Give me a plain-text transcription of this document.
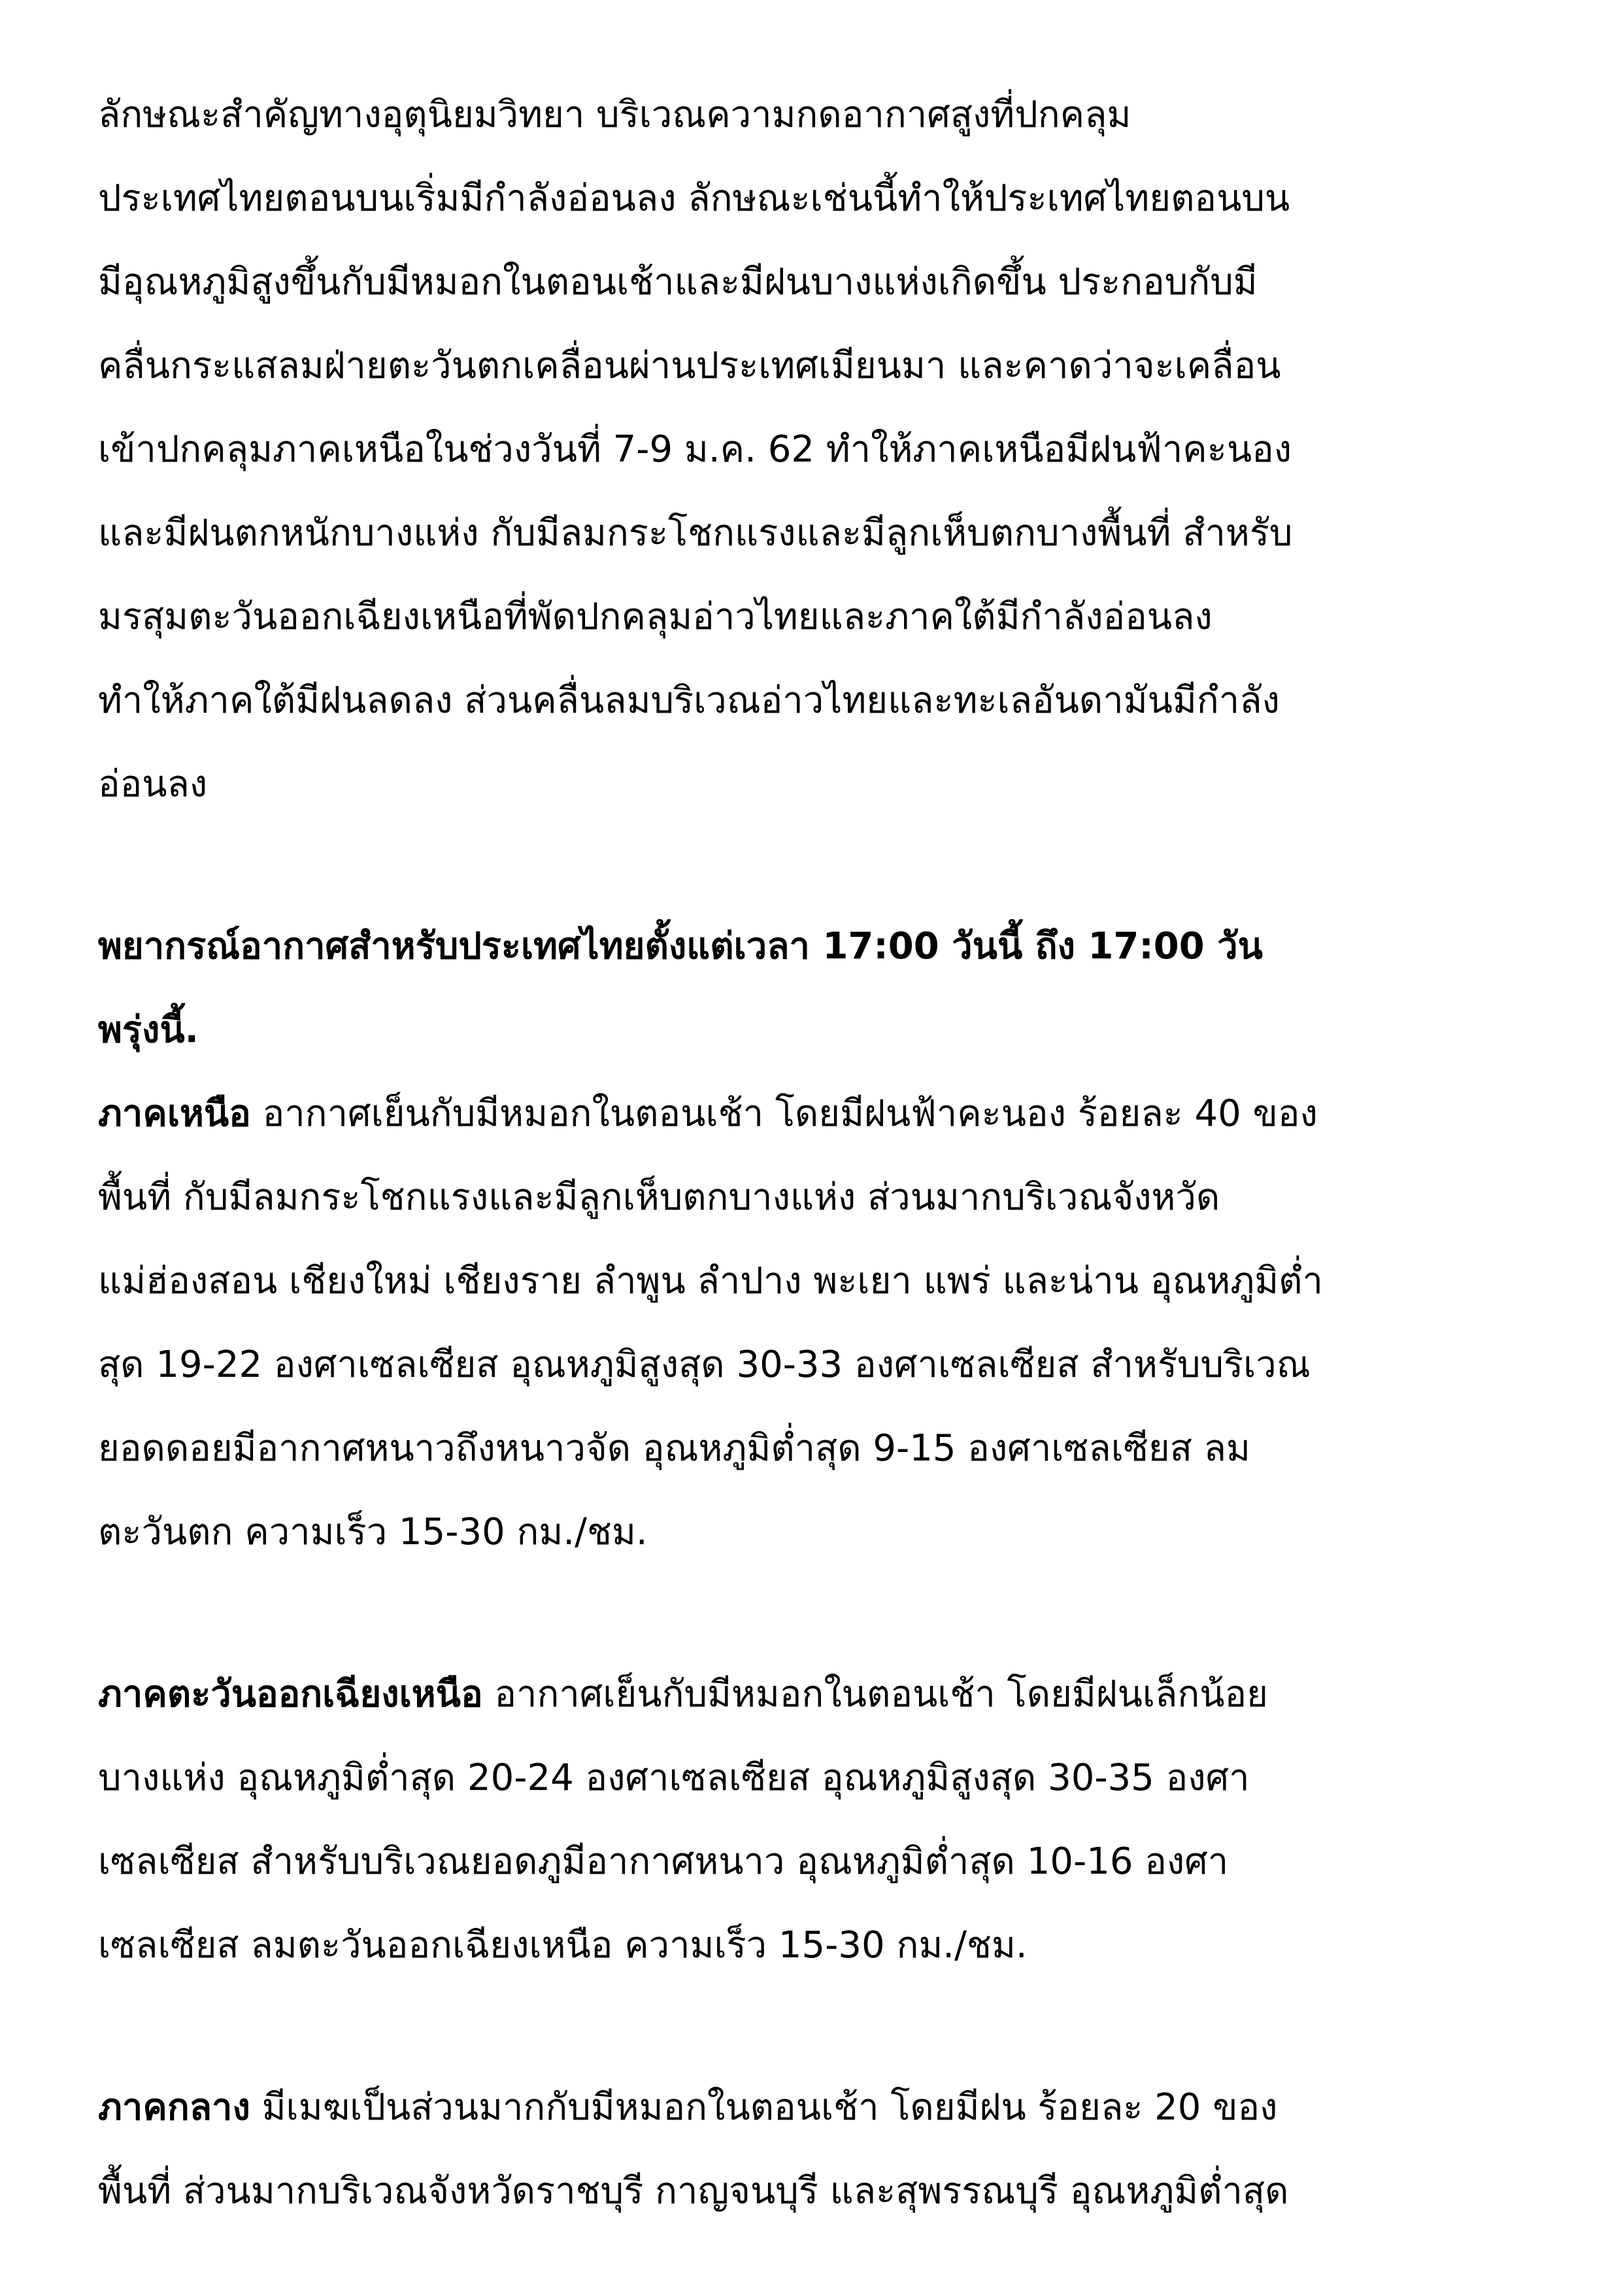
ลักษณะสำคัญทางอุตุนิยมวิทยา บริเวณความกดอากาศสูงที่ปกคลุม
ประเทศไทยตอนบนเริ่มมีกำลังอ่อนลง ลักษณะเช่นนี้ทำให้ประเทศไทยตอนบน
มีอุณหภูมิสูงขึ้นกับมีหมอกในตอนเช้าและมีฝนบางแห่งเกิดขึ้น ประกอบกับมี
คลื่นกระแสลมฝ่ายตะวันตกเคลื่อนผ่านประเทศเมียนมา และคาดว่าจะเคลื่อน
เข้าปกคลุมภาคเหนือในช่วงวันที่ 7-9 ม.ค. 62 ทำให้ภาคเหนือมีฝนฟ้าคะนอง
และมีฝนตกหนักบางแห่ง กับมีลมกระโชกแรงและมีลูกเห็บตกบางพื้นที่ สำหรับ
มรสุมตะวันออกเฉียงเหนือที่พัดปกคลุมอ่าวไทยและภาคใต้มีกำลังอ่อนลง
ทำให้ภาคใต้มีฝนลดลง ส่วนคลื่นลมบริเวณอ่าวไทยและทะเลอันดามันมีกำลัง
อ่อนลง
พยากรณ์อากาศสำหรับประเทศไทยตั้งแต่เวลา 17:00 วันนี้ ถึง 17:00 วัน
พรุ่งนี้.
ภาคเหนือ อากาศเย็นกับมีหมอกในตอนเช้า โดยมีฝนฟ้าคะนอง ร้อยละ 40 ของ
พื้นที่ กับมีลมกระโชกแรงและมีลูกเห็บตกบางแห่ง ส่วนมากบริเวณจังหวัด
แม่ฮ่องสอน เชียงใหม่ เชียงราย ลำพูน ลำปาง พะเยา แพร่ และน่าน อุณหภูมิต่ำ
สุด 19-22 องศาเซลเซียส อุณหภูมิสูงสุด 30-33 องศาเซลเซียส สำหรับบริเวณ
ยอดดอยมีอากาศหนาวถึงหนาวจัด อุณหภูมิต่ำสุด 9-15 องศาเซลเซียส ลม
ตะวันตก ความเร็ว 15-30 กม./ชม.
ภาคตะวันออกเฉียงเหนือ อากาศเย็นกับมีหมอกในตอนเช้า โดยมีฝนเล็กน้อย
บางแห่ง อุณหภูมิต่ำสุด 20-24 องศาเซลเซียส อุณหภูมิสูงสุด 30-35 องศา
เซลเซียส สำหรับบริเวณยอดภูมีอากาศหนาว อุณหภูมิต่ำสุด 10-16 องศา
เซลเซียส ลมตะวันออกเฉียงเหนือ ความเร็ว 15-30 กม./ชม.
ภาคกลาง มีเมฆเป็นส่วนมากกับมีหมอกในตอนเช้า โดยมีฝน ร้อยละ 20 ของ
พื้นที่ ส่วนมากบริเวณจังหวัดราชบุรี กาญจนบุรี และสุพรรณบุรี อุณหภูมิต่ำสุด
